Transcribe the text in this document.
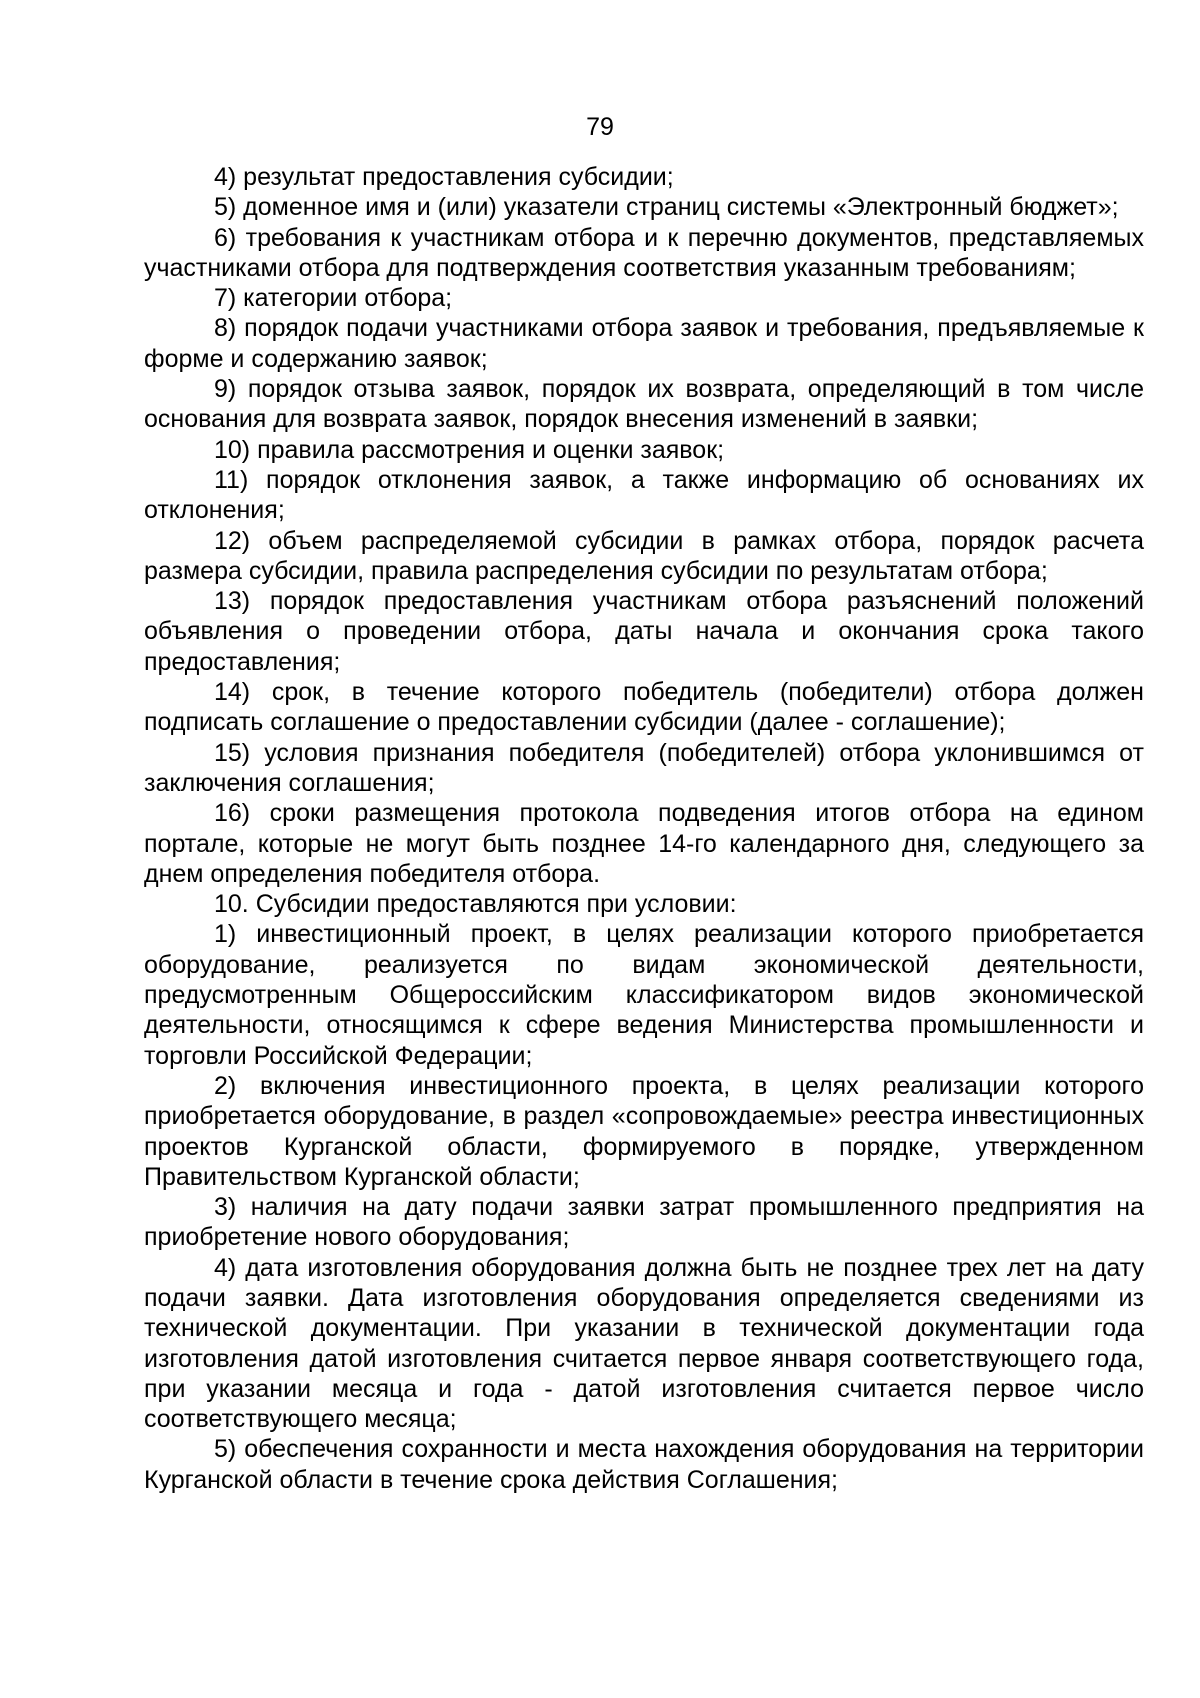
79

4) результат предоставления субсидии;

5) доменное имя и (или) указатели страниц системы «Электронный бюджет»;

6) требования к участникам отбора и к перечню документов, представляемых участниками отбора для подтверждения соответствия указанным требованиям;

7) категории отбора;

8) порядок подачи участниками отбора заявок и требования, предъявляемые к форме и содержанию заявок;

9) порядок отзыва заявок, порядок их возврата, определяющий в том числе основания для возврата заявок, порядок внесения изменений в заявки;

10) правила рассмотрения и оценки заявок;

11) порядок отклонения заявок, а также информацию об основаниях их отклонения;

12) объем распределяемой субсидии в рамках отбора, порядок расчета размера субсидии, правила распределения субсидии по результатам отбора;

13) порядок предоставления участникам отбора разъяснений положений объявления о проведении отбора, даты начала и окончания срока такого предоставления;

14) срок, в течение которого победитель (победители) отбора должен подписать соглашение о предоставлении субсидии (далее - соглашение);

15) условия признания победителя (победителей) отбора уклонившимся от заключения соглашения;

16) сроки размещения протокола подведения итогов отбора на едином портале, которые не могут быть позднее 14-го календарного дня, следующего за днем определения победителя отбора.

10. Субсидии предоставляются при условии:

1) инвестиционный проект, в целях реализации которого приобретается оборудование, реализуется по видам экономической деятельности, предусмотренным Общероссийским классификатором видов экономической деятельности, относящимся к сфере ведения Министерства промышленности и торговли Российской Федерации;

2) включения инвестиционного проекта, в целях реализации которого приобретается оборудование, в раздел «сопровождаемые» реестра инвестиционных проектов Курганской области, формируемого в порядке, утвержденном Правительством Курганской области;

3) наличия на дату подачи заявки затрат промышленного предприятия на приобретение нового оборудования;

4) дата изготовления оборудования должна быть не позднее трех лет на дату подачи заявки. Дата изготовления оборудования определяется сведениями из технической документации. При указании в технической документации года изготовления датой изготовления считается первое января соответствующего года, при указании месяца и года - датой изготовления считается первое число соответствующего месяца;

5) обеспечения сохранности и места нахождения оборудования на территории Курганской области в течение срока действия Соглашения;
